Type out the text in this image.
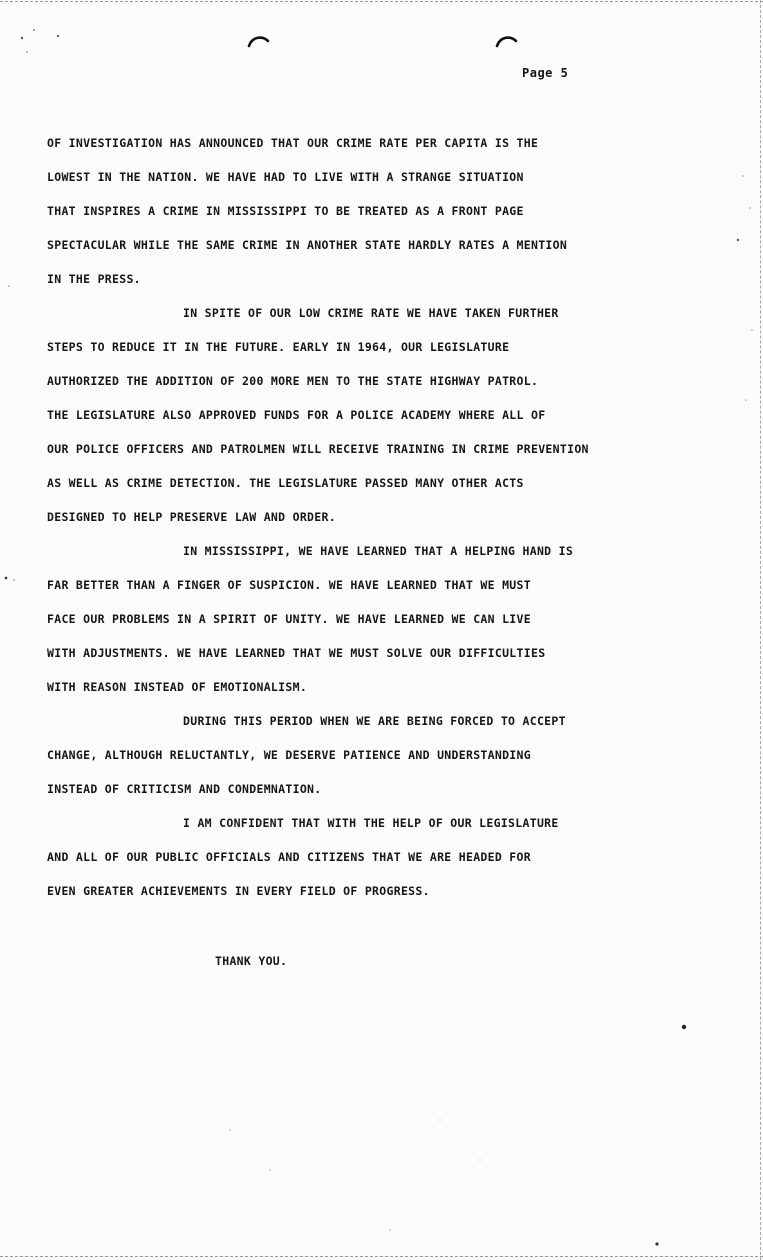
Page 5
OF INVESTIGATION HAS ANNOUNCED THAT OUR CRIME RATE PER CAPITA IS THE
LOWEST IN THE NATION. WE HAVE HAD TO LIVE WITH A STRANGE SITUATION
THAT INSPIRES A CRIME IN MISSISSIPPI TO BE TREATED AS A FRONT PAGE
SPECTACULAR WHILE THE SAME CRIME IN ANOTHER STATE HARDLY RATES A MENTION
IN THE PRESS.
IN SPITE OF OUR LOW CRIME RATE WE HAVE TAKEN FURTHER
STEPS TO REDUCE IT IN THE FUTURE. EARLY IN 1964, OUR LEGISLATURE
AUTHORIZED THE ADDITION OF 200 MORE MEN TO THE STATE HIGHWAY PATROL.
THE LEGISLATURE ALSO APPROVED FUNDS FOR A POLICE ACADEMY WHERE ALL OF
OUR POLICE OFFICERS AND PATROLMEN WILL RECEIVE TRAINING IN CRIME PREVENTION
AS WELL AS CRIME DETECTION. THE LEGISLATURE PASSED MANY OTHER ACTS
DESIGNED TO HELP PRESERVE LAW AND ORDER.
IN MISSISSIPPI, WE HAVE LEARNED THAT A HELPING HAND IS
FAR BETTER THAN A FINGER OF SUSPICION. WE HAVE LEARNED THAT WE MUST
FACE OUR PROBLEMS IN A SPIRIT OF UNITY. WE HAVE LEARNED WE CAN LIVE
WITH ADJUSTMENTS. WE HAVE LEARNED THAT WE MUST SOLVE OUR DIFFICULTIES
WITH REASON INSTEAD OF EMOTIONALISM.
DURING THIS PERIOD WHEN WE ARE BEING FORCED TO ACCEPT
CHANGE, ALTHOUGH RELUCTANTLY, WE DESERVE PATIENCE AND UNDERSTANDING
INSTEAD OF CRITICISM AND CONDEMNATION.
I AM CONFIDENT THAT WITH THE HELP OF OUR LEGISLATURE
AND ALL OF OUR PUBLIC OFFICIALS AND CITIZENS THAT WE ARE HEADED FOR
EVEN GREATER ACHIEVEMENTS IN EVERY FIELD OF PROGRESS.
THANK YOU.
